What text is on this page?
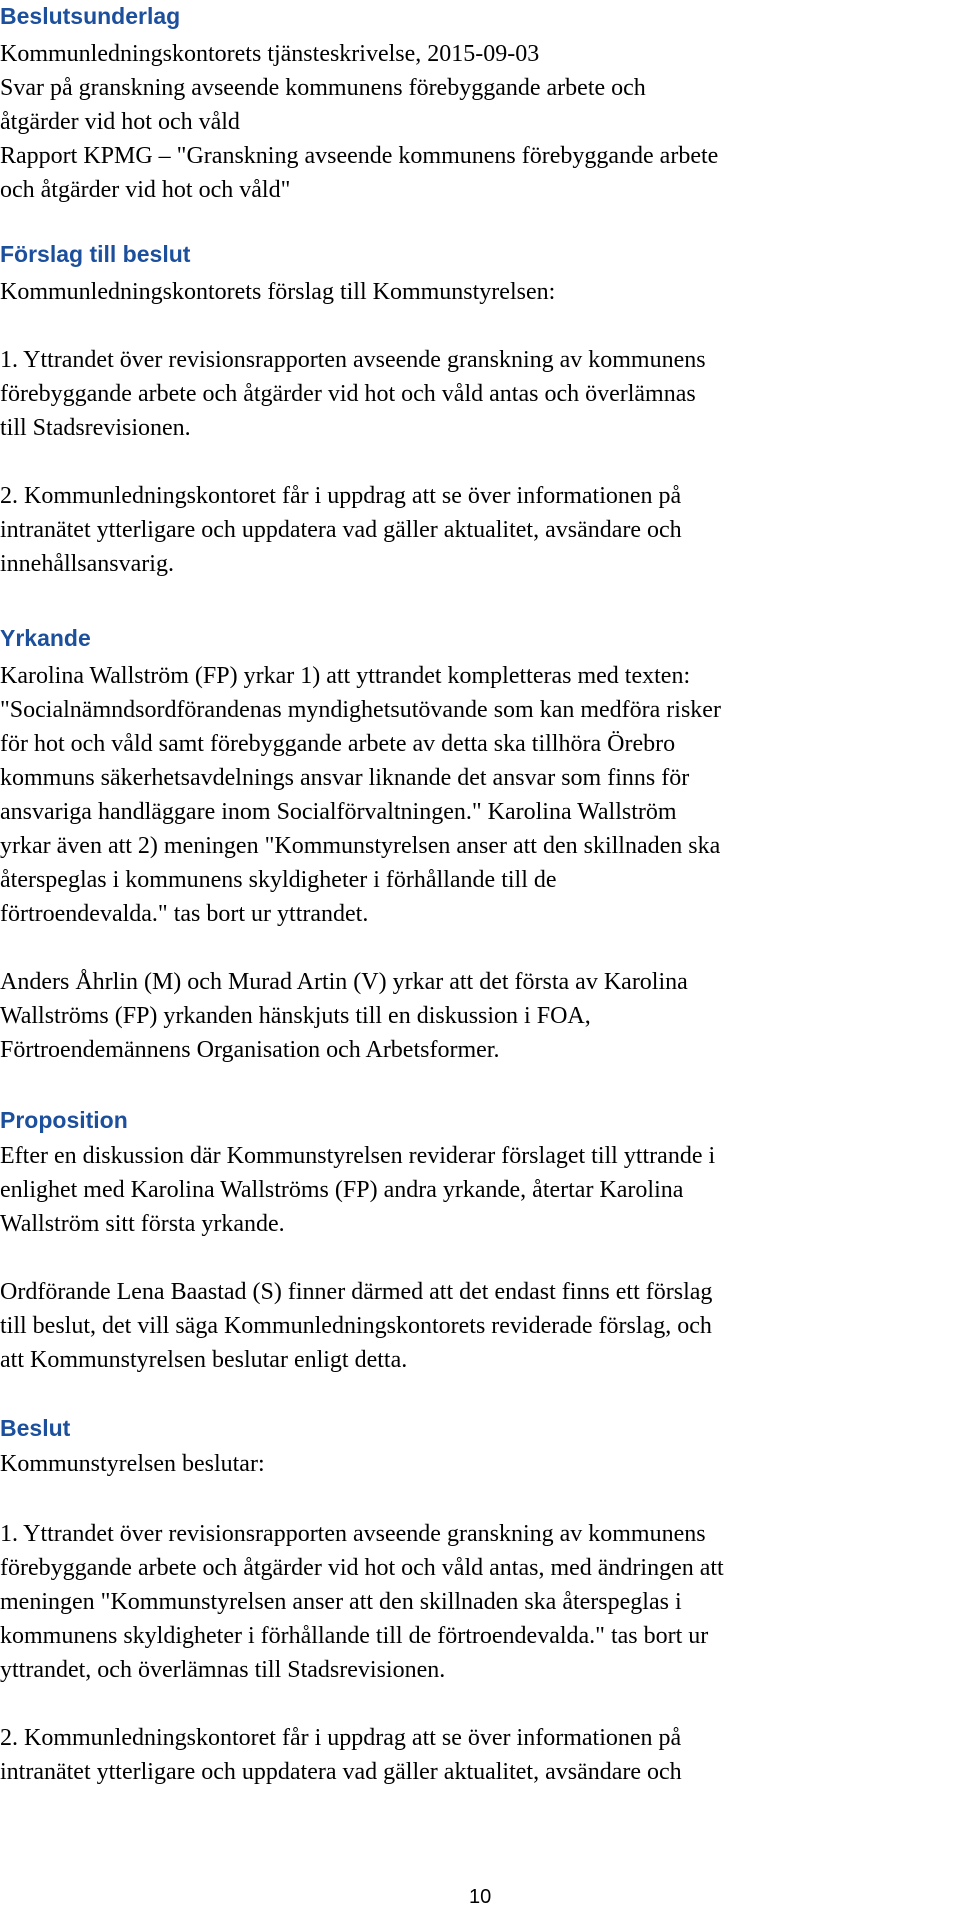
Beslutsunderlag
Kommunledningskontorets tjänsteskrivelse, 2015-09-03
Svar på granskning avseende kommunens förebyggande arbete och
åtgärder vid hot och våld
Rapport KPMG – "Granskning avseende kommunens förebyggande arbete
och åtgärder vid hot och våld"
Förslag till beslut
Kommunledningskontorets förslag till Kommunstyrelsen:
1. Yttrandet över revisionsrapporten avseende granskning av kommunens
förebyggande arbete och åtgärder vid hot och våld antas och överlämnas
till Stadsrevisionen.
2. Kommunledningskontoret får i uppdrag att se över informationen på
intranätet ytterligare och uppdatera vad gäller aktualitet, avsändare och
innehållsansvarig.
Yrkande
Karolina Wallström (FP) yrkar 1) att yttrandet kompletteras med texten:
"Socialnämndsordförandenas myndighetsutövande som kan medföra risker
för hot och våld samt förebyggande arbete av detta ska tillhöra Örebro
kommuns säkerhetsavdelnings ansvar liknande det ansvar som finns för
ansvariga handläggare inom Socialförvaltningen." Karolina Wallström
yrkar även att 2) meningen "Kommunstyrelsen anser att den skillnaden ska
återspeglas i kommunens skyldigheter i förhållande till de
förtroendevalda." tas bort ur yttrandet.
Anders Åhrlin (M) och Murad Artin (V) yrkar att det första av Karolina
Wallströms (FP) yrkanden hänskjuts till en diskussion i FOA,
Förtroendemännens Organisation och Arbetsformer.
Proposition
Efter en diskussion där Kommunstyrelsen reviderar förslaget till yttrande i
enlighet med Karolina Wallströms (FP) andra yrkande, återtar Karolina
Wallström sitt första yrkande.
Ordförande Lena Baastad (S) finner därmed att det endast finns ett förslag
till beslut, det vill säga Kommunledningskontorets reviderade förslag, och
att Kommunstyrelsen beslutar enligt detta.
Beslut
Kommunstyrelsen beslutar:
1. Yttrandet över revisionsrapporten avseende granskning av kommunens
förebyggande arbete och åtgärder vid hot och våld antas, med ändringen att
meningen "Kommunstyrelsen anser att den skillnaden ska återspeglas i
kommunens skyldigheter i förhållande till de förtroendevalda." tas bort ur
yttrandet, och överlämnas till Stadsrevisionen.
2. Kommunledningskontoret får i uppdrag att se över informationen på
intranätet ytterligare och uppdatera vad gäller aktualitet, avsändare och
10
